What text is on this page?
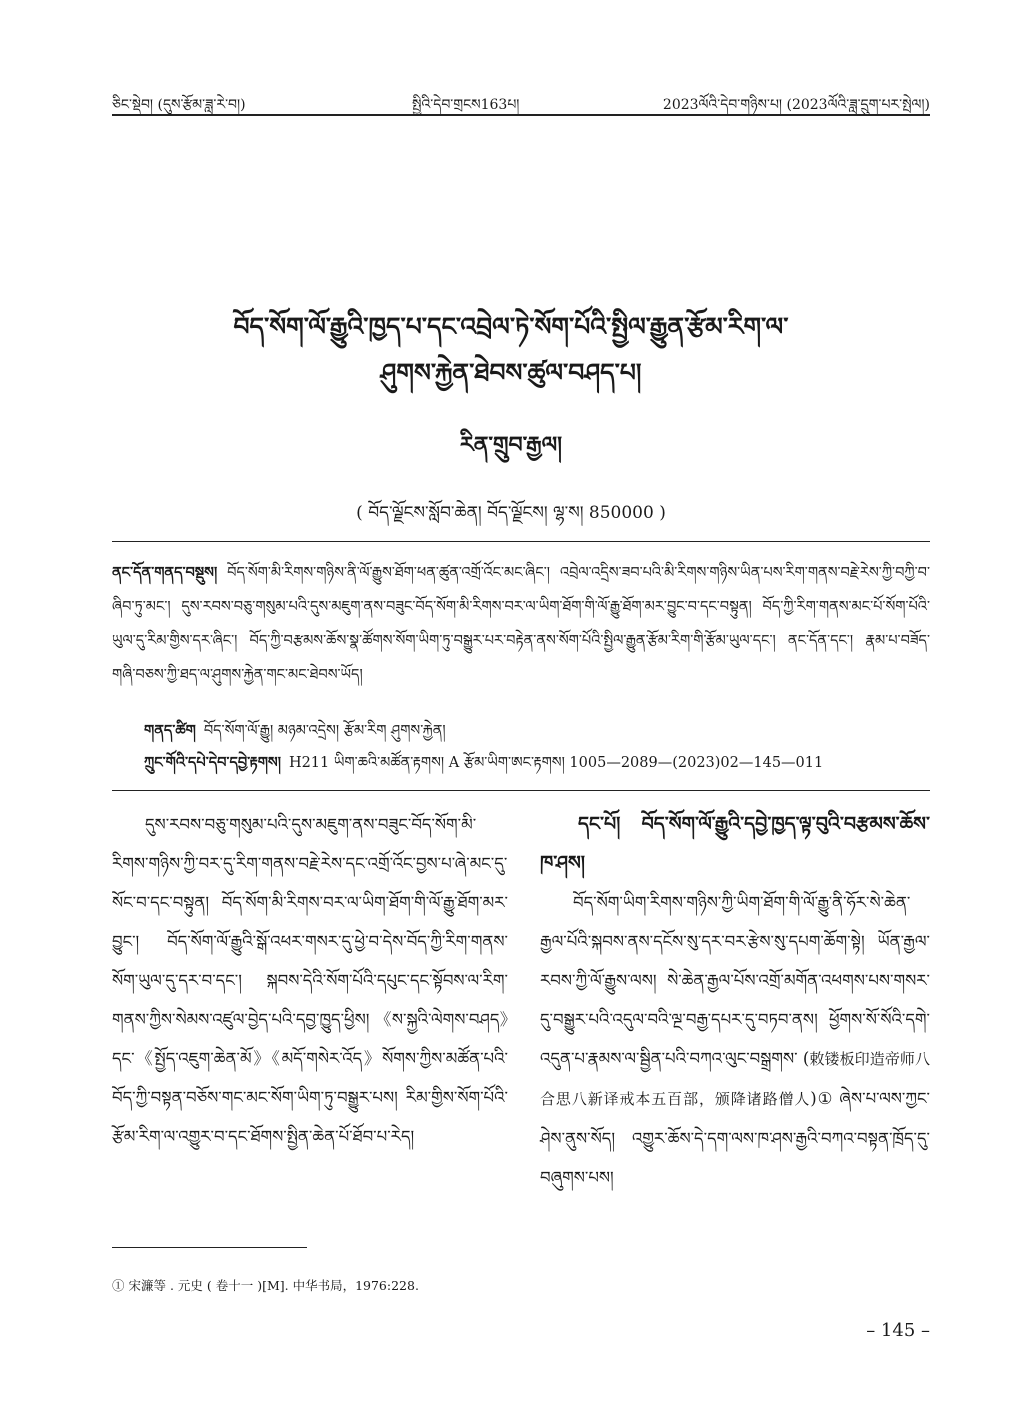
ཅིང་སྡེབ། (དུས་རྩོམ་ཟླ་རེ་བ།)	སྤྱིའི་དེབ་གྲངས163པ།	2023ལོའི་དེབ་གཉིས་པ། (2023ལོའི་ཟླ་དྲུག་པར་སྤེལ།)
བོད་སོག་ལོ་རྒྱུའི་ཁྱད་པ་དང་འབྲེལ་ཏེ་སོག་པོའི་སྤྱིལ་རྒྱུན་རྩོམ་རིག་ལ་
ཤུགས་རྐྱེན་ཐེབས་ཚུལ་བཤད་པ།
རིན་གྲུབ་རྒྱལ།
( བོད་ལྗོངས་སློབ་ཆེན། བོད་ལྗོངས། ལྷ་ས། 850000 )

ནང་དོན་གནད་བསྡུས། བོད་སོག་མི་རིགས་གཉིས་ནི་ལོ་རྒྱུས་ཐོག་ཕན་ཚུན་འགྲོ་འོང་མང་ཞིང་། འབྲེལ་འདྲིས་ཟབ་པའི་མི་རིགས་གཉིས་ཡིན་པས་རིག་གནས་བརྗེ་རེས་ཀྱི་བཀྱི་བ་ཞིབ་ཏུ་མང་། དུས་རབས་བཅུ་གསུམ་པའི་དུས་མཇུག་ནས་བཟུང་བོད་སོག་མི་རིགས་བར་ལ་ཡིག་ཐོག་གི་ལོ་རྒྱུ་ཐོག་མར་བྱུང་བ་དང་བསྟུན། བོད་ཀྱི་རིག་གནས་མང་པོ་སོག་པོའི་ཡུལ་དུ་རིམ་གྱིས་དར་ཞིང་། བོད་ཀྱི་བརྩམས་ཆོས་སྣ་ཚོགས་སོག་ཡིག་ཏུ་བསྒྱུར་པར་བརྟེན་ནས་སོག་པོའི་སྤྱིལ་རྒྱུན་རྩོམ་རིག་གི་རྩོམ་ཡུལ་དང་། ནང་དོན་དང་། རྣམ་པ་བཟོད་གཞི་བཅས་ཀྱི་ཐད་ལ་ཤུགས་རྐྱེན་གང་མང་ཐེབས་ཡོད།

གནད་ཚིག བོད་སོག་ལོ་རྒྱུ། མཉམ་འདྲེས། རྩོམ་རིག ཤུགས་རྐྱེན།
ཀྲུང་གོའི་དཔེ་དེབ་དབྱེ་རྟགས། H211 ཡིག་ཆའི་མཚོན་རྟགས། A རྩོམ་ཡིག་ཨང་རྟགས། 1005—2089—(2023)02—145—011

དུས་རབས་བཅུ་གསུམ་པའི་དུས་མཇུག་ནས་བཟུང་བོད་སོག་མི་རིགས་གཉིས་ཀྱི་བར་དུ་རིག་གནས་བརྗེ་རེས་དང་འགྲོ་འོང་བྱས་པ་ཞེ་མང་དུ་སོང་བ་དང་བསྟུན། བོད་སོག་མི་རིགས་བར་ལ་ཡིག་ཐོག་གི་ལོ་རྒྱུ་ཐོག་མར་བྱུང་། བོད་སོག་ལོ་རྒྱུའི་སྒོ་འཕར་གསར་དུ་ཕྱེ་བ་དེས་བོད་ཀྱི་རིག་གནས་སོག་ཡུལ་དུ་དར་བ་དང་། སྐབས་དེའི་སོག་པོའི་དཔུང་དང་སྟོབས་ལ་རིག་གནས་ཀྱིས་སེམས་འཛུལ་བྱེད་པའི་དབྱ་ཁྱུད་ཕྱིས། 《ས་སྐྱའི་ལེགས་བཤད》དང་《སྤྱོད་འཇུག་ཆེན་མོ》《མདོ་གསེར་འོད》སོགས་ཀྱིས་མཚོན་པའི་བོད་ཀྱི་བསྟན་བཅོས་གང་མང་སོག་ཡིག་ཏུ་བསྒྱུར་པས། རིམ་གྱིས་སོག་པོའི་རྩོམ་རིག་ལ་འགྱུར་བ་དང་ཐོགས་སྤྱིན་ཆེན་པོ་ཐོབ་པ་རེད།

དང་པོ། བོད་སོག་ལོ་རྒྱུའི་དབྱེ་ཁྱད་ལྟ་བུའི་བརྩམས་ཆོས་ཁ་ཤས།

བོད་སོག་ཡིག་རིགས་གཉིས་ཀྱི་ཡིག་ཐོག་གི་ལོ་རྒྱུ་ནི་ཧོར་སེ་ཆེན་རྒྱལ་པོའི་སྐབས་ནས་དངོས་སུ་དར་བར་རྩེས་སུ་དཔག་ཆོག་སྟེ། ཡོན་རྒྱལ་རབས་ཀྱི་ལོ་རྒྱུས་ལས། སེ་ཆེན་རྒྱལ་པོས་འགྲོ་མགོན་འཕགས་པས་གསར་དུ་བསྒྱུར་པའི་འདུལ་བའི་ལྔ་བརྒྱ་དཔར་དུ་བཏབ་ནས། ཕྱོགས་སོ་སོའི་དགེ་འདུན་པ་རྣམས་ལ་སྦྱིན་པའི་བཀའ་ལུང་བསྒྲགས་ (敕镂板印造帝师八合思八新译戒本五百部，颁降诸路僧人)① ཞེས་པ་ལས་ཀྱང་ཤེས་ནུས་སོད། འགྱུར་ཆོས་དེ་དག་ལས་ཁ་ཤས་རྒྱའི་བཀའ་བསྟན་ཁྲོད་དུ་བཞུགས་པས།

① 宋濂等 . 元史 ( 卷十一 )[M]. 中华书局，1976:228.
– 145 –
